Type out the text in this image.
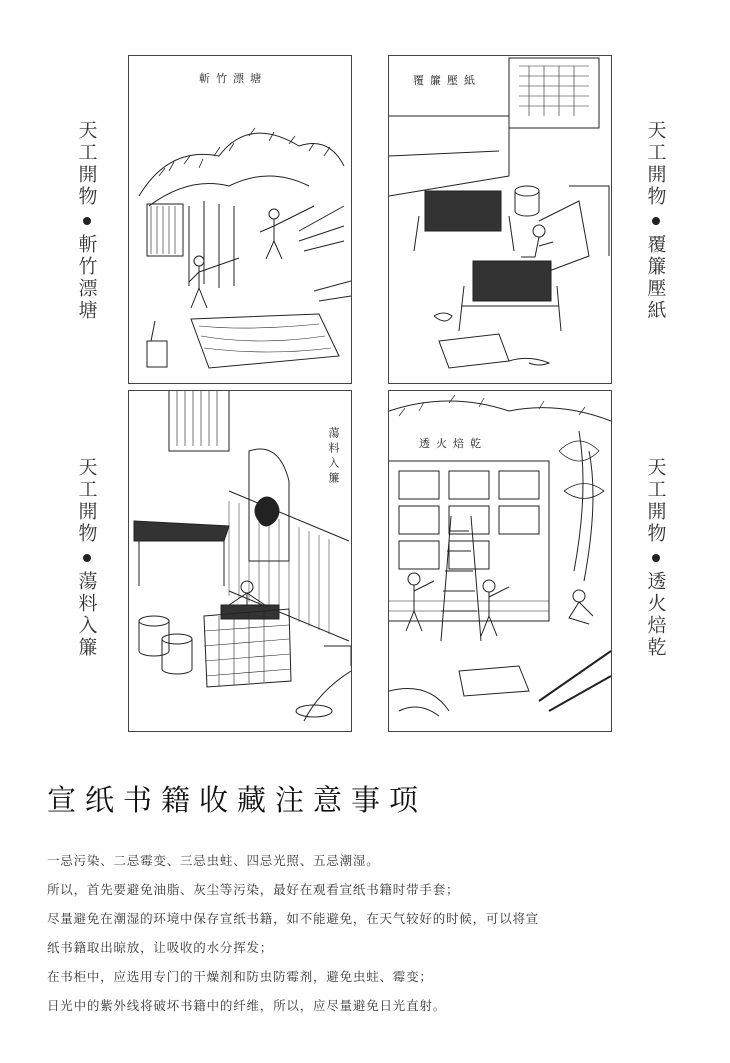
天工開物
斬竹漂塘
天工開物
覆簾壓紙
天工開物
蕩料入簾
天工開物
透火焙乾
斬竹漂塘	覆簾壓紙
蕩料入簾	透火焙乾
宣纸书籍收藏注意事项

一忌污染、二忌霉变、三忌虫蛀、四忌光照、五忌潮湿。

所以，首先要避免油脂、灰尘等污染，最好在观看宣纸书籍时带手套；

尽量避免在潮湿的环境中保存宣纸书籍，如不能避免，在天气较好的时候，可以将宣

纸书籍取出晾放，让吸收的水分挥发；

在书柜中，应选用专门的干燥剂和防虫防霉剂，避免虫蛀、霉变；

日光中的紫外线将破坏书籍中的纤维，所以，应尽量避免日光直射。
